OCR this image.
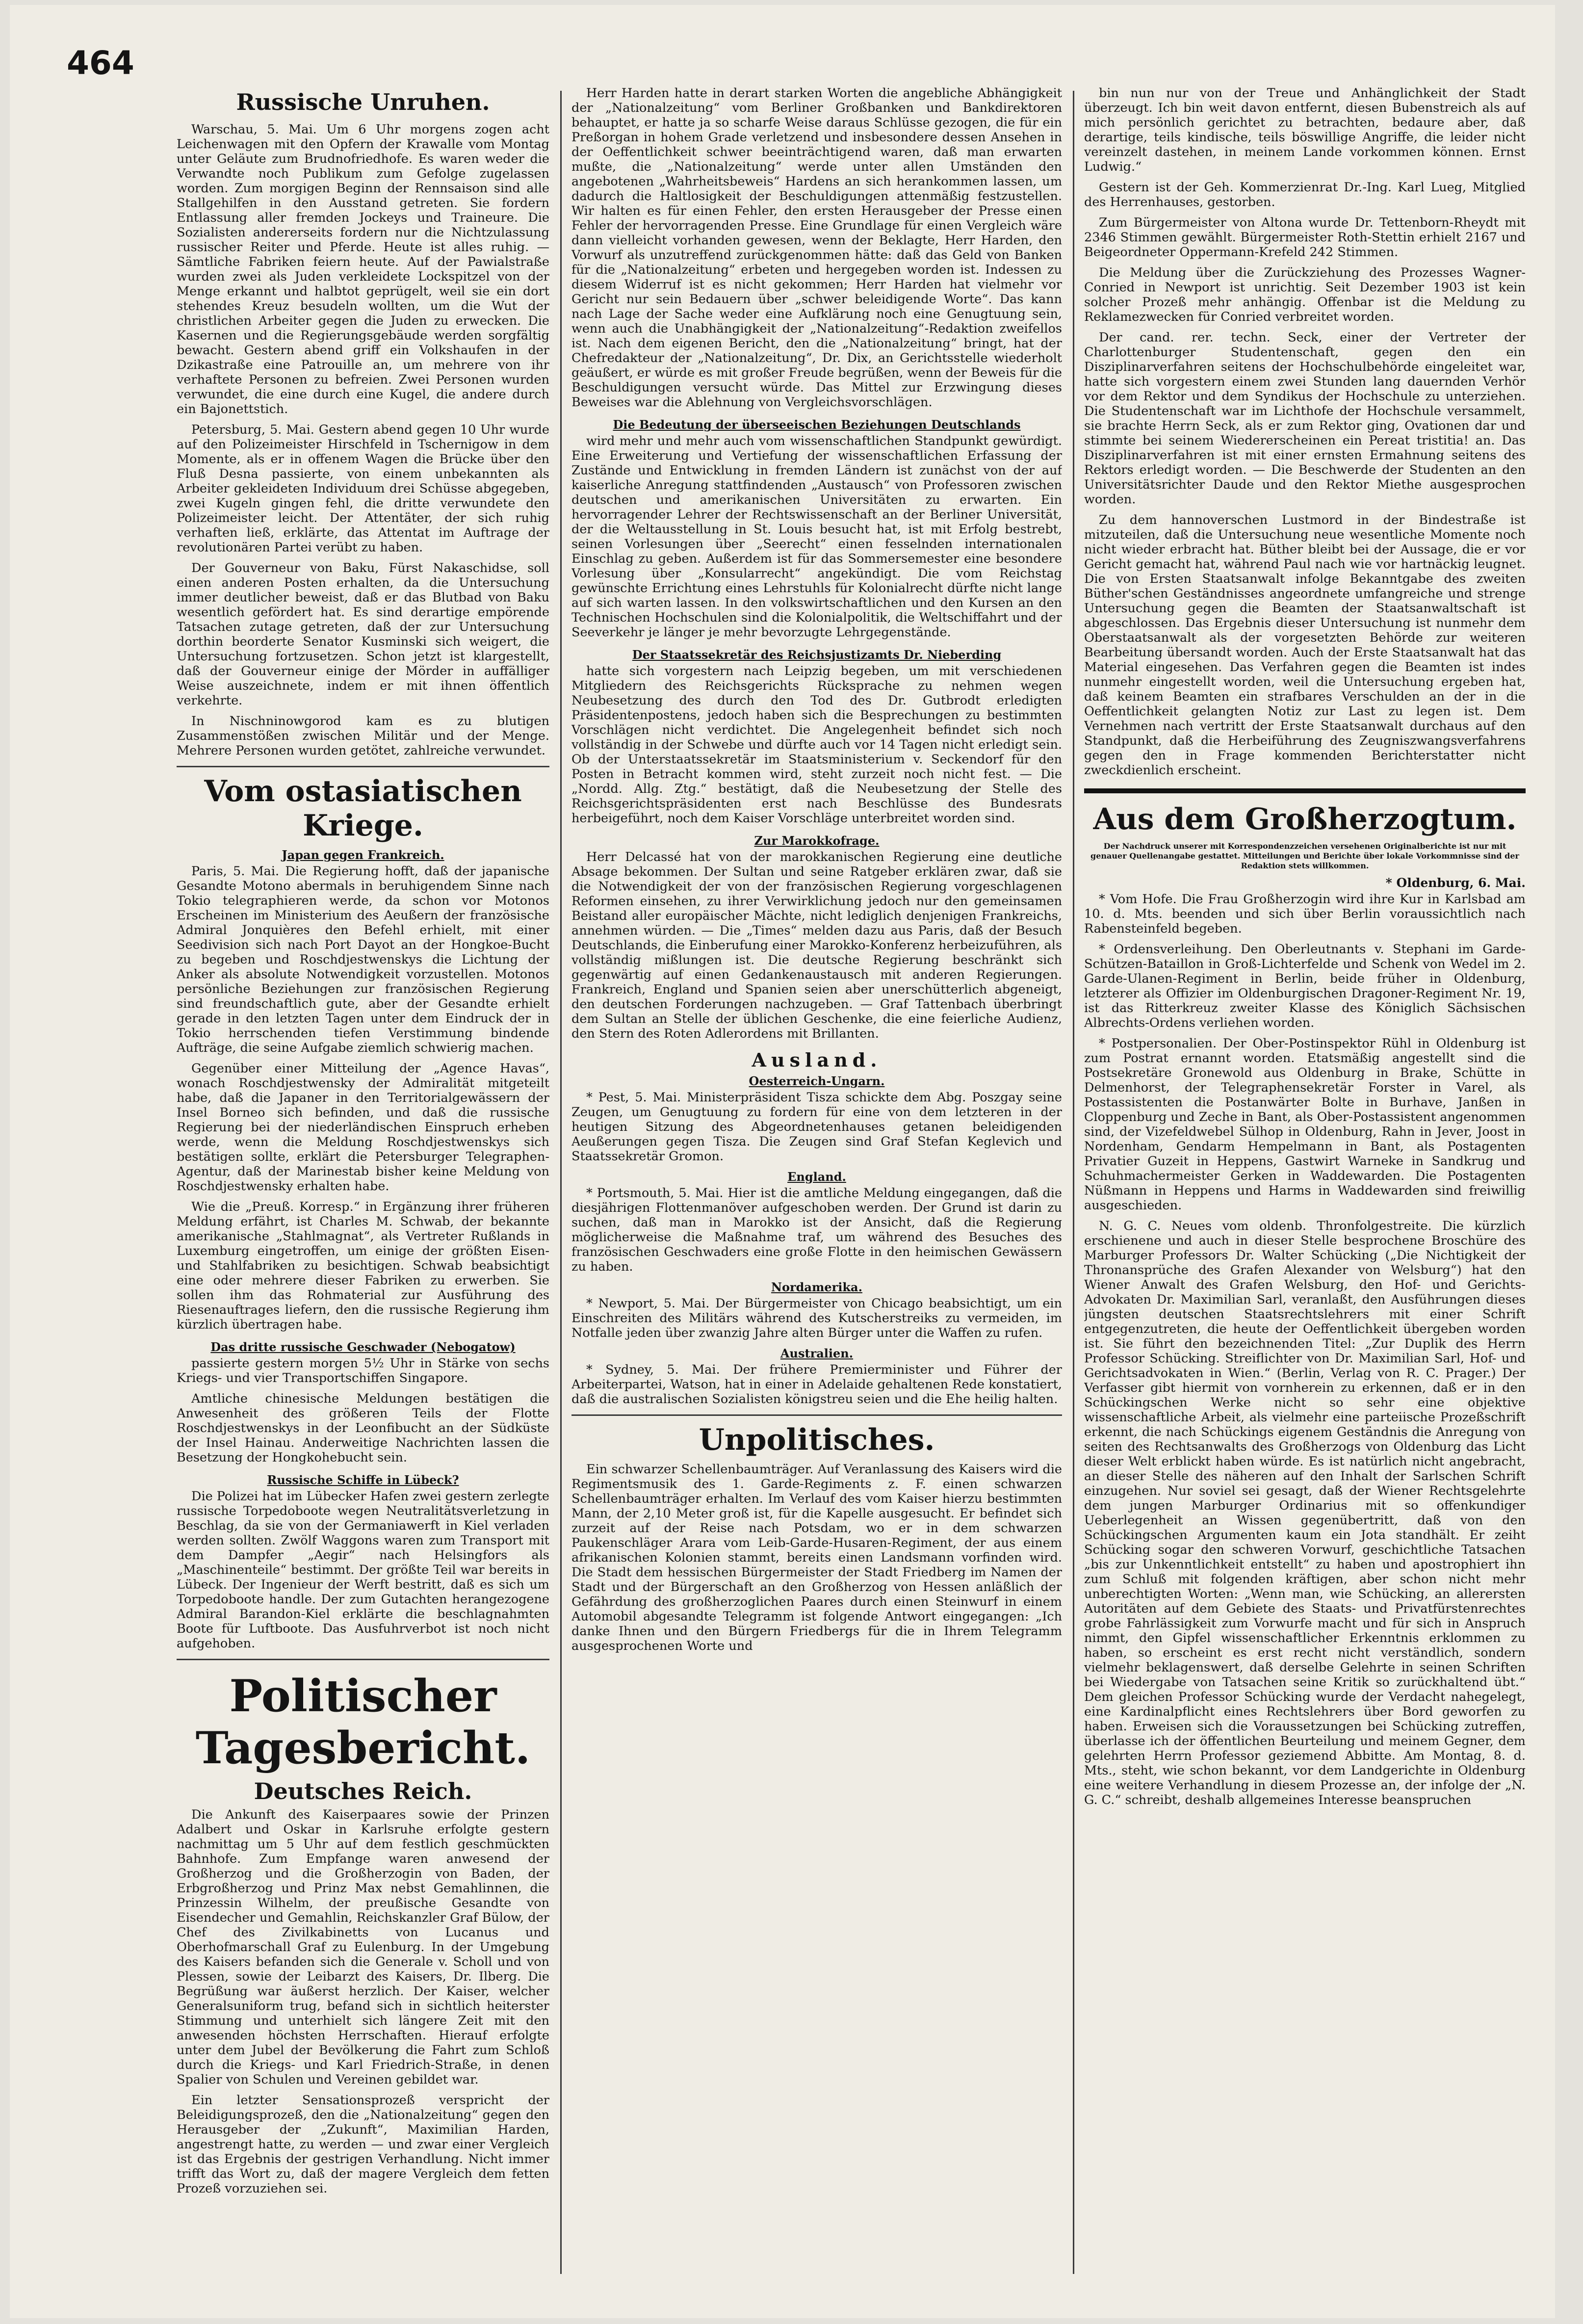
464
Russische Unruhen.

Warschau, 5. Mai. Um 6 Uhr morgens zogen acht Leichenwagen mit den Opfern der Krawalle vom Montag unter Geläute zum Brudnofriedhofe. Es waren weder die Verwandte noch Publikum zum Gefolge zugelassen worden. Zum morgigen Beginn der Rennsaison sind alle Stallgehilfen in den Ausstand getreten. Sie fordern Entlassung aller fremden Jockeys und Traineure. Die Sozialisten andererseits fordern nur die Nichtzulassung russischer Reiter und Pferde. Heute ist alles ruhig. — Sämtliche Fabriken feiern heute. Auf der Pawialstraße wurden zwei als Juden verkleidete Lockspitzel von der Menge erkannt und halbtot geprügelt, weil sie ein dort stehendes Kreuz besudeln wollten, um die Wut der christlichen Arbeiter gegen die Juden zu erwecken. Die Kasernen und die Regierungsgebäude werden sorgfältig bewacht. Gestern abend griff ein Volkshaufen in der Dzikastraße eine Patrouille an, um mehrere von ihr verhaftete Personen zu befreien. Zwei Personen wurden verwundet, die eine durch eine Kugel, die andere durch ein Bajonettstich.

Petersburg, 5. Mai. Gestern abend gegen 10 Uhr wurde auf den Polizeimeister Hirschfeld in Tschernigow in dem Momente, als er in offenem Wagen die Brücke über den Fluß Desna passierte, von einem unbekannten als Arbeiter gekleideten Individuum drei Schüsse abgegeben, zwei Kugeln gingen fehl, die dritte verwundete den Polizeimeister leicht. Der Attentäter, der sich ruhig verhaften ließ, erklärte, das Attentat im Auftrage der revolutionären Partei verübt zu haben.

Der Gouverneur von Baku, Fürst Nakaschidse, soll einen anderen Posten erhalten, da die Untersuchung immer deutlicher beweist, daß er das Blutbad von Baku wesentlich gefördert hat. Es sind derartige empörende Tatsachen zutage getreten, daß der zur Untersuchung dorthin beorderte Senator Kusminski sich weigert, die Untersuchung fortzusetzen. Schon jetzt ist klargestellt, daß der Gouverneur einige der Mörder in auffälliger Weise auszeichnete, indem er mit ihnen öffentlich verkehrte.

In Nischninowgorod kam es zu blutigen Zusammenstößen zwischen Militär und der Menge. Mehrere Personen wurden getötet, zahlreiche verwundet.

Vom ostasiatischen Kriege.
Japan gegen Frankreich.

Paris, 5. Mai. Die Regierung hofft, daß der japanische Gesandte Motono abermals in beruhigendem Sinne nach Tokio telegraphieren werde, da schon vor Motonos Erscheinen im Ministerium des Aeußern der französische Admiral Jonquières den Befehl erhielt, mit einer Seedivision sich nach Port Dayot an der Hongkoe-Bucht zu begeben und Roschdjestwenskys die Lichtung der Anker als absolute Notwendigkeit vorzustellen. Motonos persönliche Beziehungen zur französischen Regierung sind freundschaftlich gute, aber der Gesandte erhielt gerade in den letzten Tagen unter dem Eindruck der in Tokio herrschenden tiefen Verstimmung bindende Aufträge, die seine Aufgabe ziemlich schwierig machen.

Gegenüber einer Mitteilung der „Agence Havas“, wonach Roschdjestwensky der Admiralität mitgeteilt habe, daß die Japaner in den Territorialgewässern der Insel Borneo sich befinden, und daß die russische Regierung bei der niederländischen Einspruch erheben werde, wenn die Meldung Roschdjestwenskys sich bestätigen sollte, erklärt die Petersburger Telegraphen-Agentur, daß der Marinestab bisher keine Meldung von Roschdjestwensky erhalten habe.

Wie die „Preuß. Korresp.“ in Ergänzung ihrer früheren Meldung erfährt, ist Charles M. Schwab, der bekannte amerikanische „Stahlmagnat“, als Vertreter Rußlands in Luxemburg eingetroffen, um einige der größten Eisen- und Stahlfabriken zu besichtigen. Schwab beabsichtigt eine oder mehrere dieser Fabriken zu erwerben. Sie sollen ihm das Rohmaterial zur Ausführung des Riesenauftrages liefern, den die russische Regierung ihm kürzlich übertragen habe.

Das dritte russische Geschwader (Nebogatow)

passierte gestern morgen 5½ Uhr in Stärke von sechs Kriegs- und vier Transportschiffen Singapore.

Amtliche chinesische Meldungen bestätigen die Anwesenheit des größeren Teils der Flotte Roschdjestwenskys in der Leonfibucht an der Südküste der Insel Hainau. Anderweitige Nachrichten lassen die Besetzung der Hongkohebucht sein.

Russische Schiffe in Lübeck?

Die Polizei hat im Lübecker Hafen zwei gestern zerlegte russische Torpedoboote wegen Neutralitätsverletzung in Beschlag, da sie von der Germaniawerft in Kiel verladen werden sollten. Zwölf Waggons waren zum Transport mit dem Dampfer „Aegir“ nach Helsingfors als „Maschinenteile“ bestimmt. Der größte Teil war bereits in Lübeck. Der Ingenieur der Werft bestritt, daß es sich um Torpedoboote handle. Der zum Gutachten herangezogene Admiral Barandon-Kiel erklärte die beschlagnahmten Boote für Luftboote. Das Ausfuhrverbot ist noch nicht aufgehoben.

Politischer Tagesbericht.
Deutsches Reich.

Die Ankunft des Kaiserpaares sowie der Prinzen Adalbert und Oskar in Karlsruhe erfolgte gestern nachmittag um 5 Uhr auf dem festlich geschmückten Bahnhofe. Zum Empfange waren anwesend der Großherzog und die Großherzogin von Baden, der Erbgroßherzog und Prinz Max nebst Gemahlinnen, die Prinzessin Wilhelm, der preußische Gesandte von Eisendecher und Gemahlin, Reichskanzler Graf Bülow, der Chef des Zivilkabinetts von Lucanus und Oberhofmarschall Graf zu Eulenburg. In der Umgebung des Kaisers befanden sich die Generale v. Scholl und von Plessen, sowie der Leibarzt des Kaisers, Dr. Ilberg. Die Begrüßung war äußerst herzlich. Der Kaiser, welcher Generalsuniform trug, befand sich in sichtlich heiterster Stimmung und unterhielt sich längere Zeit mit den anwesenden höchsten Herrschaften. Hierauf erfolgte unter dem Jubel der Bevölkerung die Fahrt zum Schloß durch die Kriegs- und Karl Friedrich-Straße, in denen Spalier von Schulen und Vereinen gebildet war.

Ein letzter Sensationsprozeß verspricht der Beleidigungsprozeß, den die „Nationalzeitung“ gegen den Herausgeber der „Zukunft“, Maximilian Harden, angestrengt hatte, zu werden — und zwar einer Vergleich ist das Ergebnis der gestrigen Verhandlung. Nicht immer trifft das Wort zu, daß der magere Vergleich dem fetten Prozeß vorzuziehen sei.

Herr Harden hatte in derart starken Worten die angebliche Abhängigkeit der „Nationalzeitung“ vom Berliner Großbanken und Bankdirektoren behauptet, er hatte ja so scharfe Weise daraus Schlüsse gezogen, die für ein Preßorgan in hohem Grade verletzend und insbesondere dessen Ansehen in der Oeffentlichkeit schwer beeinträchtigend waren, daß man erwarten mußte, die „Nationalzeitung“ werde unter allen Umständen den angebotenen „Wahrheitsbeweis“ Hardens an sich herankommen lassen, um dadurch die Haltlosigkeit der Beschuldigungen attenmäßig festzustellen. Wir halten es für einen Fehler, den ersten Herausgeber der Presse einen Fehler der hervorragenden Presse. Eine Grundlage für einen Vergleich wäre dann vielleicht vorhanden gewesen, wenn der Beklagte, Herr Harden, den Vorwurf als unzutreffend zurückgenommen hätte: daß das Geld von Banken für die „Nationalzeitung“ erbeten und hergegeben worden ist. Indessen zu diesem Widerruf ist es nicht gekommen; Herr Harden hat vielmehr vor Gericht nur sein Bedauern über „schwer beleidigende Worte“. Das kann nach Lage der Sache weder eine Aufklärung noch eine Genugtuung sein, wenn auch die Unabhängigkeit der „Nationalzeitung“-Redaktion zweifellos ist. Nach dem eigenen Bericht, den die „Nationalzeitung“ bringt, hat der Chefredakteur der „Nationalzeitung“, Dr. Dix, an Gerichtsstelle wiederholt geäußert, er würde es mit großer Freude begrüßen, wenn der Beweis für die Beschuldigungen versucht würde. Das Mittel zur Erzwingung dieses Beweises war die Ablehnung von Vergleichsvorschlägen.

Die Bedeutung der überseeischen Beziehungen Deutschlands

wird mehr und mehr auch vom wissenschaftlichen Standpunkt gewürdigt. Eine Erweiterung und Vertiefung der wissenschaftlichen Erfassung der Zustände und Entwicklung in fremden Ländern ist zunächst von der auf kaiserliche Anregung stattfindenden „Austausch“ von Professoren zwischen deutschen und amerikanischen Universitäten zu erwarten. Ein hervorragender Lehrer der Rechtswissenschaft an der Berliner Universität, der die Weltausstellung in St. Louis besucht hat, ist mit Erfolg bestrebt, seinen Vorlesungen über „Seerecht“ einen fesselnden internationalen Einschlag zu geben. Außerdem ist für das Sommersemester eine besondere Vorlesung über „Konsularrecht“ angekündigt. Die vom Reichstag gewünschte Errichtung eines Lehrstuhls für Kolonialrecht dürfte nicht lange auf sich warten lassen. In den volkswirtschaftlichen und den Kursen an den Technischen Hochschulen sind die Kolonialpolitik, die Weltschiffahrt und der Seeverkehr je länger je mehr bevorzugte Lehrgegenstände.

Der Staatssekretär des Reichsjustizamts Dr. Nieberding

hatte sich vorgestern nach Leipzig begeben, um mit verschiedenen Mitgliedern des Reichsgerichts Rücksprache zu nehmen wegen Neubesetzung des durch den Tod des Dr. Gutbrodt erledigten Präsidentenpostens, jedoch haben sich die Besprechungen zu bestimmten Vorschlägen nicht verdichtet. Die Angelegenheit befindet sich noch vollständig in der Schwebe und dürfte auch vor 14 Tagen nicht erledigt sein. Ob der Unterstaatssekretär im Staatsministerium v. Seckendorf für den Posten in Betracht kommen wird, steht zurzeit noch nicht fest. — Die „Nordd. Allg. Ztg.“ bestätigt, daß die Neubesetzung der Stelle des Reichsgerichtspräsidenten erst nach Beschlüsse des Bundesrats herbeigeführt, noch dem Kaiser Vorschläge unterbreitet worden sind.

Zur Marokkofrage.

Herr Delcassé hat von der marokkanischen Regierung eine deutliche Absage bekommen. Der Sultan und seine Ratgeber erklären zwar, daß sie die Notwendigkeit der von der französischen Regierung vorgeschlagenen Reformen einsehen, zu ihrer Verwirklichung jedoch nur den gemeinsamen Beistand aller europäischer Mächte, nicht lediglich denjenigen Frankreichs, annehmen würden. — Die „Times“ melden dazu aus Paris, daß der Besuch Deutschlands, die Einberufung einer Marokko-Konferenz herbeizuführen, als vollständig mißlungen ist. Die deutsche Regierung beschränkt sich gegenwärtig auf einen Gedankenaustausch mit anderen Regierungen. Frankreich, England und Spanien seien aber unerschütterlich abgeneigt, den deutschen Forderungen nachzugeben. — Graf Tattenbach überbringt dem Sultan an Stelle der üblichen Geschenke, die eine feierliche Audienz, den Stern des Roten Adlerordens mit Brillanten.

Ausland.
Oesterreich-Ungarn.

* Pest, 5. Mai. Ministerpräsident Tisza schickte dem Abg. Poszgay seine Zeugen, um Genugtuung zu fordern für eine von dem letzteren in der heutigen Sitzung des Abgeordnetenhauses getanen beleidigenden Aeußerungen gegen Tisza. Die Zeugen sind Graf Stefan Keglevich und Staatssekretär Gromon.

England.

* Portsmouth, 5. Mai. Hier ist die amtliche Meldung eingegangen, daß die diesjährigen Flottenmanöver aufgeschoben werden. Der Grund ist darin zu suchen, daß man in Marokko ist der Ansicht, daß die Regierung möglicherweise die Maßnahme traf, um während des Besuches des französischen Geschwaders eine große Flotte in den heimischen Gewässern zu haben.

Nordamerika.

* Newport, 5. Mai. Der Bürgermeister von Chicago beabsichtigt, um ein Einschreiten des Militärs während des Kutscherstreiks zu vermeiden, im Notfalle jeden über zwanzig Jahre alten Bürger unter die Waffen zu rufen.

Australien.

* Sydney, 5. Mai. Der frühere Premierminister und Führer der Arbeiterpartei, Watson, hat in einer in Adelaide gehaltenen Rede konstatiert, daß die australischen Sozialisten königstreu seien und die Ehe heilig halten.

Unpolitisches.

Ein schwarzer Schellenbaumträger. Auf Veranlassung des Kaisers wird die Regimentsmusik des 1. Garde-Regiments z. F. einen schwarzen Schellenbaumträger erhalten. Im Verlauf des vom Kaiser hierzu bestimmten Mann, der 2,10 Meter groß ist, für die Kapelle ausgesucht. Er befindet sich zurzeit auf der Reise nach Potsdam, wo er in dem schwarzen Paukenschläger Arara vom Leib-Garde-Husaren-Regiment, der aus einem afrikanischen Kolonien stammt, bereits einen Landsmann vorfinden wird. Die Stadt dem hessischen Bürgermeister der Stadt Friedberg im Namen der Stadt und der Bürgerschaft an den Großherzog von Hessen anläßlich der Gefährdung des großherzoglichen Paares durch einen Steinwurf in einem Automobil abgesandte Telegramm ist folgende Antwort eingegangen: „Ich danke Ihnen und den Bürgern Friedbergs für die in Ihrem Telegramm ausgesprochenen Worte und

bin nun nur von der Treue und Anhänglichkeit der Stadt überzeugt. Ich bin weit davon entfernt, diesen Bubenstreich als auf mich persönlich gerichtet zu betrachten, bedaure aber, daß derartige, teils kindische, teils böswillige Angriffe, die leider nicht vereinzelt dastehen, in meinem Lande vorkommen können. Ernst Ludwig.“

Gestern ist der Geh. Kommerzienrat Dr.-Ing. Karl Lueg, Mitglied des Herrenhauses, gestorben.

Zum Bürgermeister von Altona wurde Dr. Tettenborn-Rheydt mit 2346 Stimmen gewählt. Bürgermeister Roth-Stettin erhielt 2167 und Beigeordneter Oppermann-Krefeld 242 Stimmen.

Die Meldung über die Zurückziehung des Prozesses Wagner-Conried in Newport ist unrichtig. Seit Dezember 1903 ist kein solcher Prozeß mehr anhängig. Offenbar ist die Meldung zu Reklamezwecken für Conried verbreitet worden.

Der cand. rer. techn. Seck, einer der Vertreter der Charlottenburger Studentenschaft, gegen den ein Disziplinarverfahren seitens der Hochschulbehörde eingeleitet war, hatte sich vorgestern einem zwei Stunden lang dauernden Verhör vor dem Rektor und dem Syndikus der Hochschule zu unterziehen. Die Studentenschaft war im Lichthofe der Hochschule versammelt, sie brachte Herrn Seck, als er zum Rektor ging, Ovationen dar und stimmte bei seinem Wiedererscheinen ein Pereat tristitia! an. Das Disziplinarverfahren ist mit einer ernsten Ermahnung seitens des Rektors erledigt worden. — Die Beschwerde der Studenten an den Universitätsrichter Daude und den Rektor Miethe ausgesprochen worden.

Zu dem hannoverschen Lustmord in der Bindestraße ist mitzuteilen, daß die Untersuchung neue wesentliche Momente noch nicht wieder erbracht hat. Büther bleibt bei der Aussage, die er vor Gericht gemacht hat, während Paul nach wie vor hartnäckig leugnet. Die von Ersten Staatsanwalt infolge Bekanntgabe des zweiten Büther'schen Geständnisses angeordnete umfangreiche und strenge Untersuchung gegen die Beamten der Staatsanwaltschaft ist abgeschlossen. Das Ergebnis dieser Untersuchung ist nunmehr dem Oberstaatsanwalt als der vorgesetzten Behörde zur weiteren Bearbeitung übersandt worden. Auch der Erste Staatsanwalt hat das Material eingesehen. Das Verfahren gegen die Beamten ist indes nunmehr eingestellt worden, weil die Untersuchung ergeben hat, daß keinem Beamten ein strafbares Verschulden an der in die Oeffentlichkeit gelangten Notiz zur Last zu legen ist. Dem Vernehmen nach vertritt der Erste Staatsanwalt durchaus auf den Standpunkt, daß die Herbeiführung des Zeugniszwangsverfahrens gegen den in Frage kommenden Berichterstatter nicht zweckdienlich erscheint.

Aus dem Großherzogtum.
Der Nachdruck unserer mit Korrespondenzzeichen versehenen Originalberichte ist nur mit genauer Quellenangabe gestattet. Mitteilungen und Berichte über lokale Vorkommnisse sind der Redaktion stets willkommen.
* Oldenburg, 6. Mai.

* Vom Hofe. Die Frau Großherzogin wird ihre Kur in Karlsbad am 10. d. Mts. beenden und sich über Berlin voraussichtlich nach Rabensteinfeld begeben.

* Ordensverleihung. Den Oberleutnants v. Stephani im Garde-Schützen-Bataillon in Groß-Lichterfelde und Schenk von Wedel im 2. Garde-Ulanen-Regiment in Berlin, beide früher in Oldenburg, letzterer als Offizier im Oldenburgischen Dragoner-Regiment Nr. 19, ist das Ritterkreuz zweiter Klasse des Königlich Sächsischen Albrechts-Ordens verliehen worden.

* Postpersonalien. Der Ober-Postinspektor Rühl in Oldenburg ist zum Postrat ernannt worden. Etatsmäßig angestellt sind die Postsekretäre Gronewold aus Oldenburg in Brake, Schütte in Delmenhorst, der Telegraphensekretär Forster in Varel, als Postassistenten die Postanwärter Bolte in Burhave, Janßen in Cloppenburg und Zeche in Bant, als Ober-Postassistent angenommen sind, der Vizefeldwebel Sülhop in Oldenburg, Rahn in Jever, Joost in Nordenham, Gendarm Hempelmann in Bant, als Postagenten Privatier Guzeit in Heppens, Gastwirt Warneke in Sandkrug und Schuhmachermeister Gerken in Waddewarden. Die Postagenten Nüßmann in Heppens und Harms in Waddewarden sind freiwillig ausgeschieden.

N. G. C. Neues vom oldenb. Thronfolgestreite. Die kürzlich erschienene und auch in dieser Stelle besprochene Broschüre des Marburger Professors Dr. Walter Schücking („Die Nichtigkeit der Thronansprüche des Grafen Alexander von Welsburg“) hat den Wiener Anwalt des Grafen Welsburg, den Hof- und Gerichts-Advokaten Dr. Maximilian Sarl, veranlaßt, den Ausführungen dieses jüngsten deutschen Staatsrechtslehrers mit einer Schrift entgegenzutreten, die heute der Oeffentlichkeit übergeben worden ist. Sie führt den bezeichnenden Titel: „Zur Duplik des Herrn Professor Schücking. Streiflichter von Dr. Maximilian Sarl, Hof- und Gerichtsadvokaten in Wien.“ (Berlin, Verlag von R. C. Prager.) Der Verfasser gibt hiermit von vornherein zu erkennen, daß er in den Schückingschen Werke nicht so sehr eine objektive wissenschaftliche Arbeit, als vielmehr eine parteiische Prozeßschrift erkennt, die nach Schückings eigenem Geständnis die Anregung von seiten des Rechtsanwalts des Großherzogs von Oldenburg das Licht dieser Welt erblickt haben würde. Es ist natürlich nicht angebracht, an dieser Stelle des näheren auf den Inhalt der Sarlschen Schrift einzugehen. Nur soviel sei gesagt, daß der Wiener Rechtsgelehrte dem jungen Marburger Ordinarius mit so offenkundiger Ueberlegenheit an Wissen gegenübertritt, daß von den Schückingschen Argumenten kaum ein Jota standhält. Er zeiht Schücking sogar den schweren Vorwurf, geschichtliche Tatsachen „bis zur Unkenntlichkeit entstellt“ zu haben und apostrophiert ihn zum Schluß mit folgenden kräftigen, aber schon nicht mehr unberechtigten Worten: „Wenn man, wie Schücking, an allerersten Autoritäten auf dem Gebiete des Staats- und Privatfürstenrechtes grobe Fahrlässigkeit zum Vorwurfe macht und für sich in Anspruch nimmt, den Gipfel wissenschaftlicher Erkenntnis erklommen zu haben, so erscheint es erst recht nicht verständlich, sondern vielmehr beklagenswert, daß derselbe Gelehrte in seinen Schriften bei Wiedergabe von Tatsachen seine Kritik so zurückhaltend übt.“ Dem gleichen Professor Schücking wurde der Verdacht nahegelegt, eine Kardinalpflicht eines Rechtslehrers über Bord geworfen zu haben. Erweisen sich die Voraussetzungen bei Schücking zutreffen, überlasse ich der öffentlichen Beurteilung und meinem Gegner, dem gelehrten Herrn Professor geziemend Abbitte. Am Montag, 8. d. Mts., steht, wie schon bekannt, vor dem Landgerichte in Oldenburg eine weitere Verhandlung in diesem Prozesse an, der infolge der „N. G. C.“ schreibt, deshalb allgemeines Interesse beanspruchen
